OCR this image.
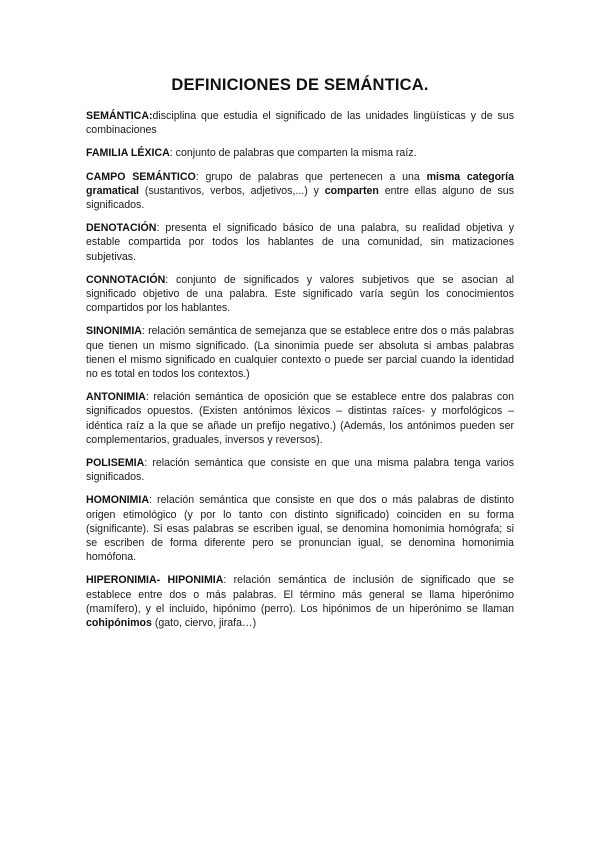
DEFINICIONES DE SEMÁNTICA.

SEMÁNTICA:disciplina que estudia el significado de las unidades lingüísticas y de sus combinaciones

FAMILIA LÉXICA: conjunto de palabras que comparten la misma raíz.

CAMPO SEMÁNTICO: grupo de palabras que pertenecen a una misma categoría gramatical (sustantivos, verbos, adjetivos,...) y comparten entre ellas alguno de sus significados.

DENOTACIÓN: presenta el significado básico de una palabra, su realidad objetiva y estable compartida por todos los hablantes de una comunidad, sin matizaciones subjetivas.

CONNOTACIÓN: conjunto de significados y valores subjetivos que se asocian al significado objetivo de una palabra. Este significado varía según los conocimientos compartidos por los hablantes.

SINONIMIA: relación semántica de semejanza que se establece entre dos o más palabras que tienen un mismo significado. (La sinonimia puede ser absoluta si ambas palabras tienen el mismo significado en cualquier contexto o puede ser parcial cuando la identidad no es total en todos los contextos.)

ANTONIMIA: relación semántica de oposición que se establece entre dos palabras con significados opuestos. (Existen antónimos léxicos – distintas raíces- y morfológicos –idéntica raíz a la que se añade un prefijo negativo.) (Además, los antónimos pueden ser complementarios, graduales, inversos y reversos).

POLISEMIA: relación semántica que consiste en que una misma palabra tenga varios significados.

HOMONIMIA: relación semántica que consiste en que dos o más palabras de distinto origen etimológico (y por lo tanto con distinto significado) coinciden en su forma (significante). Si esas palabras se escriben igual, se denomina homonimia homógrafa; si se escriben de forma diferente pero se pronuncian igual, se denomina homonimia homófona.

HIPERONIMIA- HIPONIMIA: relación semántica de inclusión de significado que se establece entre dos o más palabras. El término más general se llama hiperónimo (mamífero), y el incluido, hipónimo (perro). Los hipónimos de un hiperónimo se llaman cohipónimos (gato, ciervo, jirafa…)
